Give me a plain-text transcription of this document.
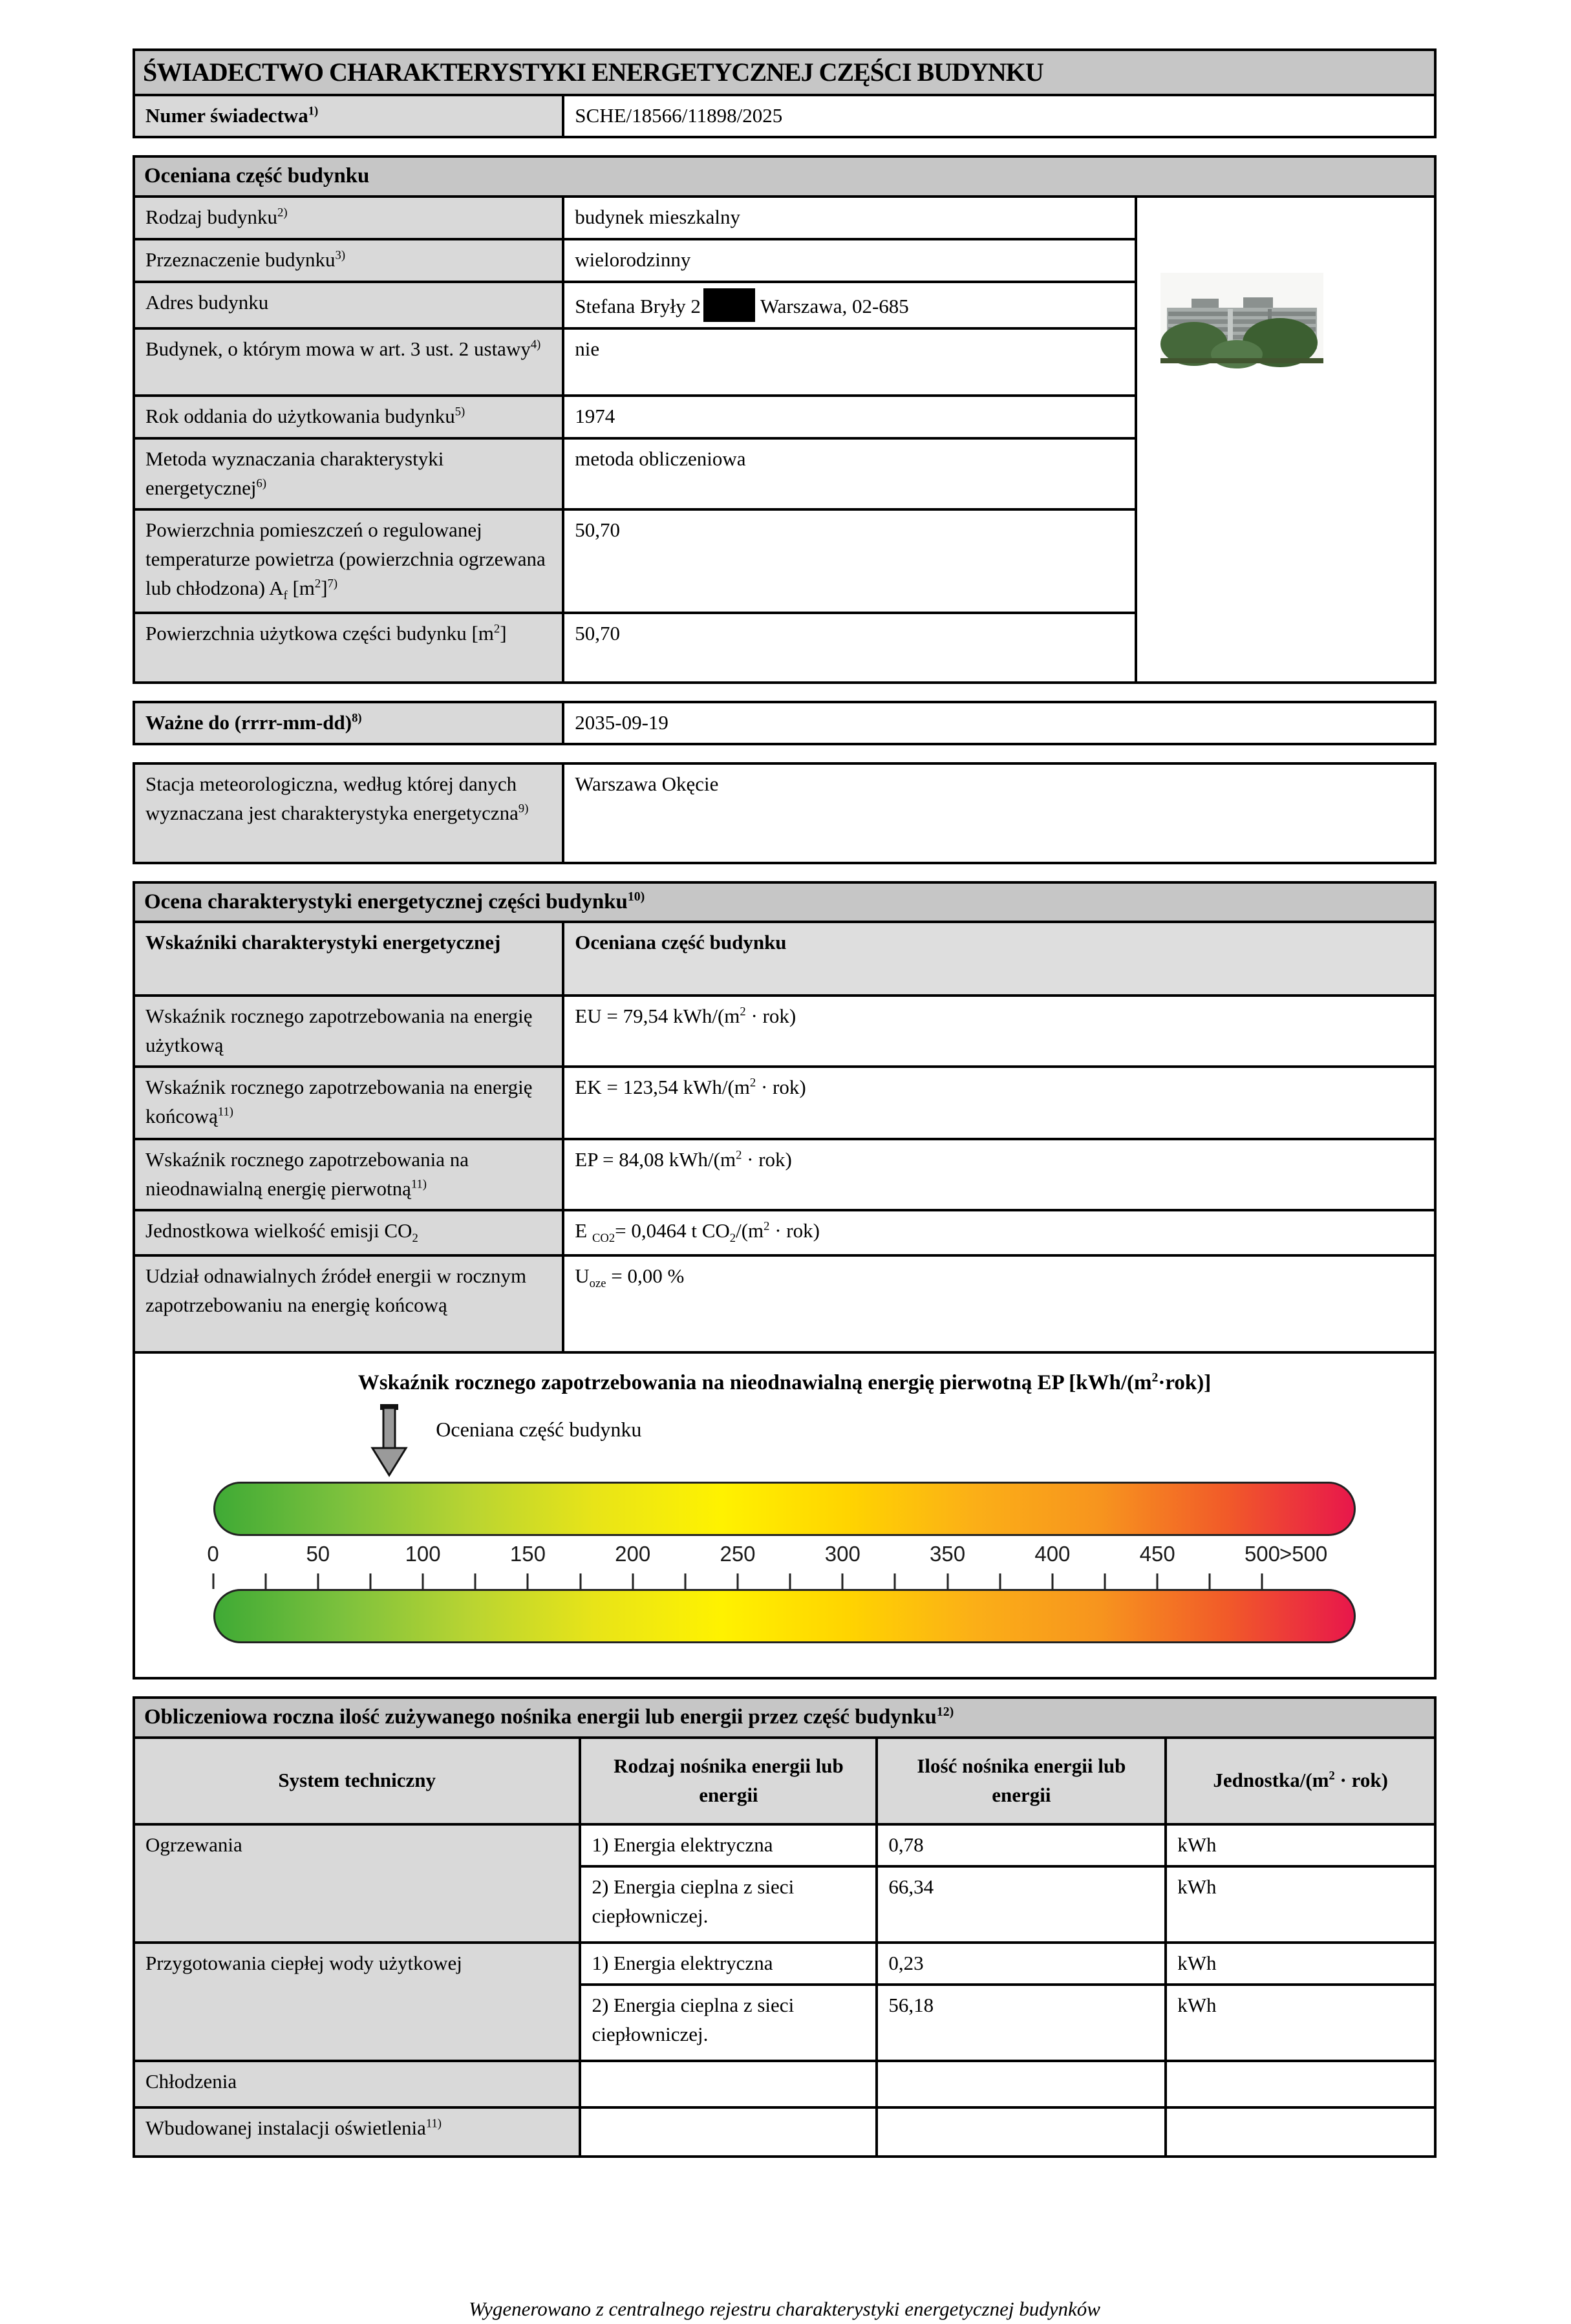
ŚWIADECTWO CHARAKTERYSTYKI ENERGETYCZNEJ CZĘŚCI BUDYNKU
Numer świadectwa$^{1)}$	SCHE/18566/11898/2025
Oceniana część budynku
Rodzaj budynku$^{2)}$	budynek mieszkalny	

Przeznaczenie budynku$^{3)}$	wielorodzinny	
Adres budynku	Stefana Bryły 2 Warszawa, 02-685	
Budynek, o którym mowa w art. 3 ust. 2 ustawy$^{4)}$	nie	
Rok oddania do użytkowania budynku$^{5)}$	1974	
Metoda wyznaczania charakterystyki energetycznej$^{6)}$	metoda obliczeniowa	
Powierzchnia pomieszczeń o regulowanej temperaturze powietrza (powierzchnia ogrzewana lub chłodzona) $A_f$ $[m^2]^{7)}$	50,70	
Powierzchnia użytkowa części budynku $[m^2]$	50,70	
Ważne do (rrrr-mm-dd)$^{8)}$	2035-09-19
Stacja meteorologiczna, według której danych wyznaczana jest charakterystyka energetyczna$^{9)}$	Warszawa Okęcie
Ocena charakterystyki energetycznej części budynku$^{10)}$
Wskaźniki charakterystyki energetycznej	Oceniana część budynku
Wskaźnik rocznego zapotrzebowania na energię użytkową	EU = 79,54 kWh/$(m^2 \cdot rok)$
Wskaźnik rocznego zapotrzebowania na energię końcową$^{11)}$	EK = 123,54 kWh/$(m^2 \cdot rok)$
Wskaźnik rocznego zapotrzebowania na nieodnawialną energię pierwotną$^{11)}$	EP = 84,08 kWh/$(m^2 \cdot rok)$
Jednostkowa wielkość emisji $CO_2$	E $_{CO2}$= 0,0464 t $CO_2/(m^2 \cdot rok)$
Udział odnawialnych źródeł energii w rocznym zapotrzebowaniu na energię końcową	$U_{oze} = 0,00$ %
Wskaźnik rocznego zapotrzebowania na nieodnawialną energię pierwotną EP $[kWh/(m^2\cdot rok)]$
Oceniana część budynku
0	50	100	150	200	250	300	350	400	450	500
>500
Obliczeniowa roczna ilość zużywanego nośnika energii lub energii przez część budynku$^{12)}$
System techniczny	Rodzaj nośnika energii lub energii	Ilość nośnika energii lub energii	Jednostka/$(m^2 \cdot rok)$
Ogrzewania	1) Energia elektryczna	0,78	kWh
	2) Energia cieplna z sieci ciepłowniczej.	66,34	kWh
Przygotowania ciepłej wody użytkowej	1) Energia elektryczna	0,23	kWh
	2) Energia cieplna z sieci ciepłowniczej.	56,18	kWh
Chłodzenia			
Wbudowanej instalacji oświetlenia$^{11)}$			
Wygenerowano z centralnego rejestru charakterystyki energetycznej budynków
